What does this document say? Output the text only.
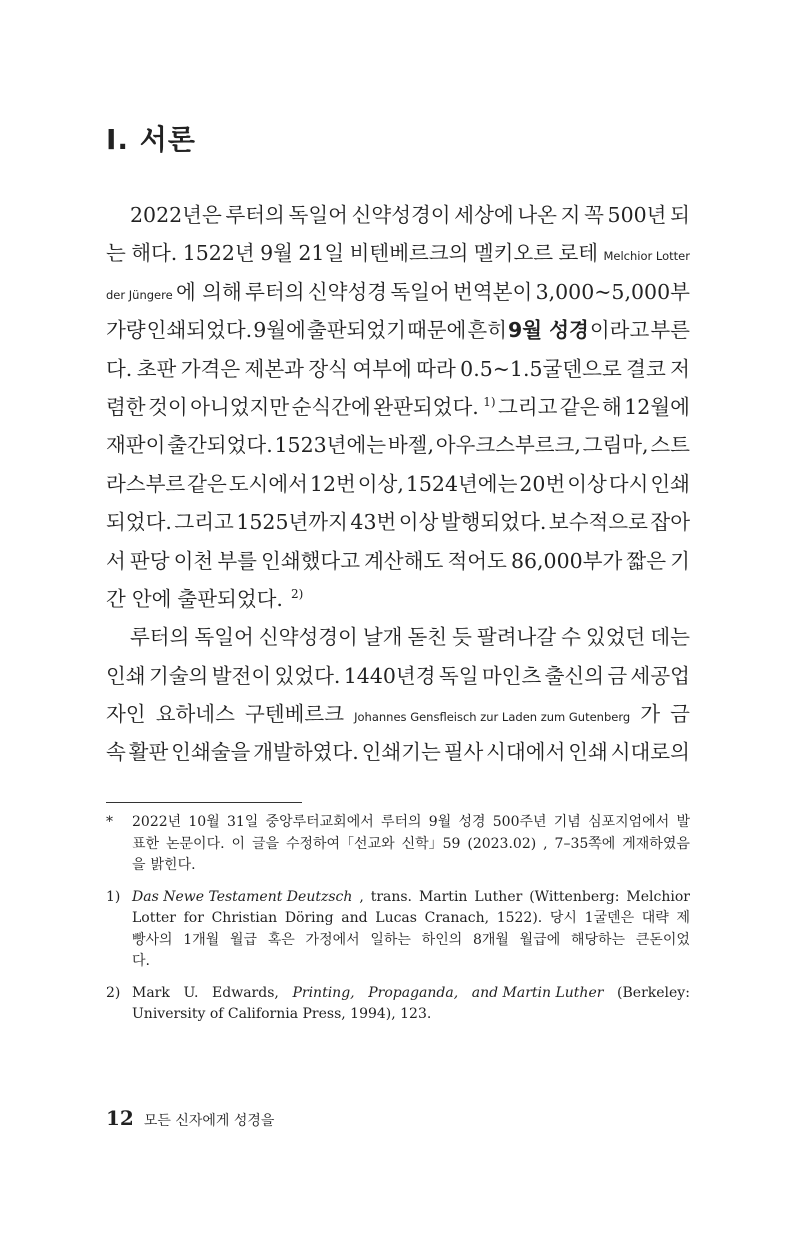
I. 서론
2022년은 루터의 독일어 신약성경이 세상에 나온 지 꼭 500년 되
는 해다. 1522년 9월 21일 비텐베르크의 멜키오르 로테 Melchior Lotter
der Jüngere 에 의해 루터의 신약성경 독일어 번역본이 3,000~5,000부
가량 인쇄되었다. 9월에 출판되었기 때문에 흔히 9월 성경 이라고 부른
다. 초판 가격은 제본과 장식 여부에 따라 0.5~1.5굴덴으로 결코 저
렴한 것이 아니었지만 순식간에 완판되었다. $^{1)}$ 그리고 같은 해 12월에
재판이 출간되었다. 1523년에는 바젤, 아우크스부르크, 그림마, 스트
라스부르 같은 도시에서 12번 이상, 1524년에는 20번 이상 다시 인쇄
되었다. 그리고 1525년까지 43번 이상 발행되었다. 보수적으로 잡아
서 판당 이천 부를 인쇄했다고 계산해도 적어도 86,000부가 짧은 기
간 안에 출판되었다. $^{2)}$
루터의 독일어 신약성경이 날개 돋친 듯 팔려나갈 수 있었던 데는
인쇄 기술의 발전이 있었다. 1440년경 독일 마인츠 출신의 금 세공업
자인 요하네스 구텐베르크 Johannes Gensfleisch zur Laden zum Gutenberg 가 금
속 활판 인쇄술을 개발하였다. 인쇄기는 필사 시대에서 인쇄 시대로의
*	2022년 10월 31일 중앙루터교회에서 루터의 9월 성경 500주년 기념 심포지엄에서 발
표한 논문이다. 이 글을 수정하여「선교와 신학」59 (2023.02) , 7–35쪽에 게재하였음
을 밝힌다.
1) Das Newe Testament Deutzsch , trans. Martin Luther (Wittenberg: Melchior
Lotter for Christian Döring and Lucas Cranach, 1522). 당시 1굴덴은 대략 제
빵사의 1개월 월급 혹은 가정에서 일하는 하인의 8개월 월급에 해당하는 큰돈이었
다.
2) Mark U. Edwards, Printing, Propaganda, and Martin Luther (Berkeley:
University of California Press, 1994), 123.
12 모든 신자에게 성경을
